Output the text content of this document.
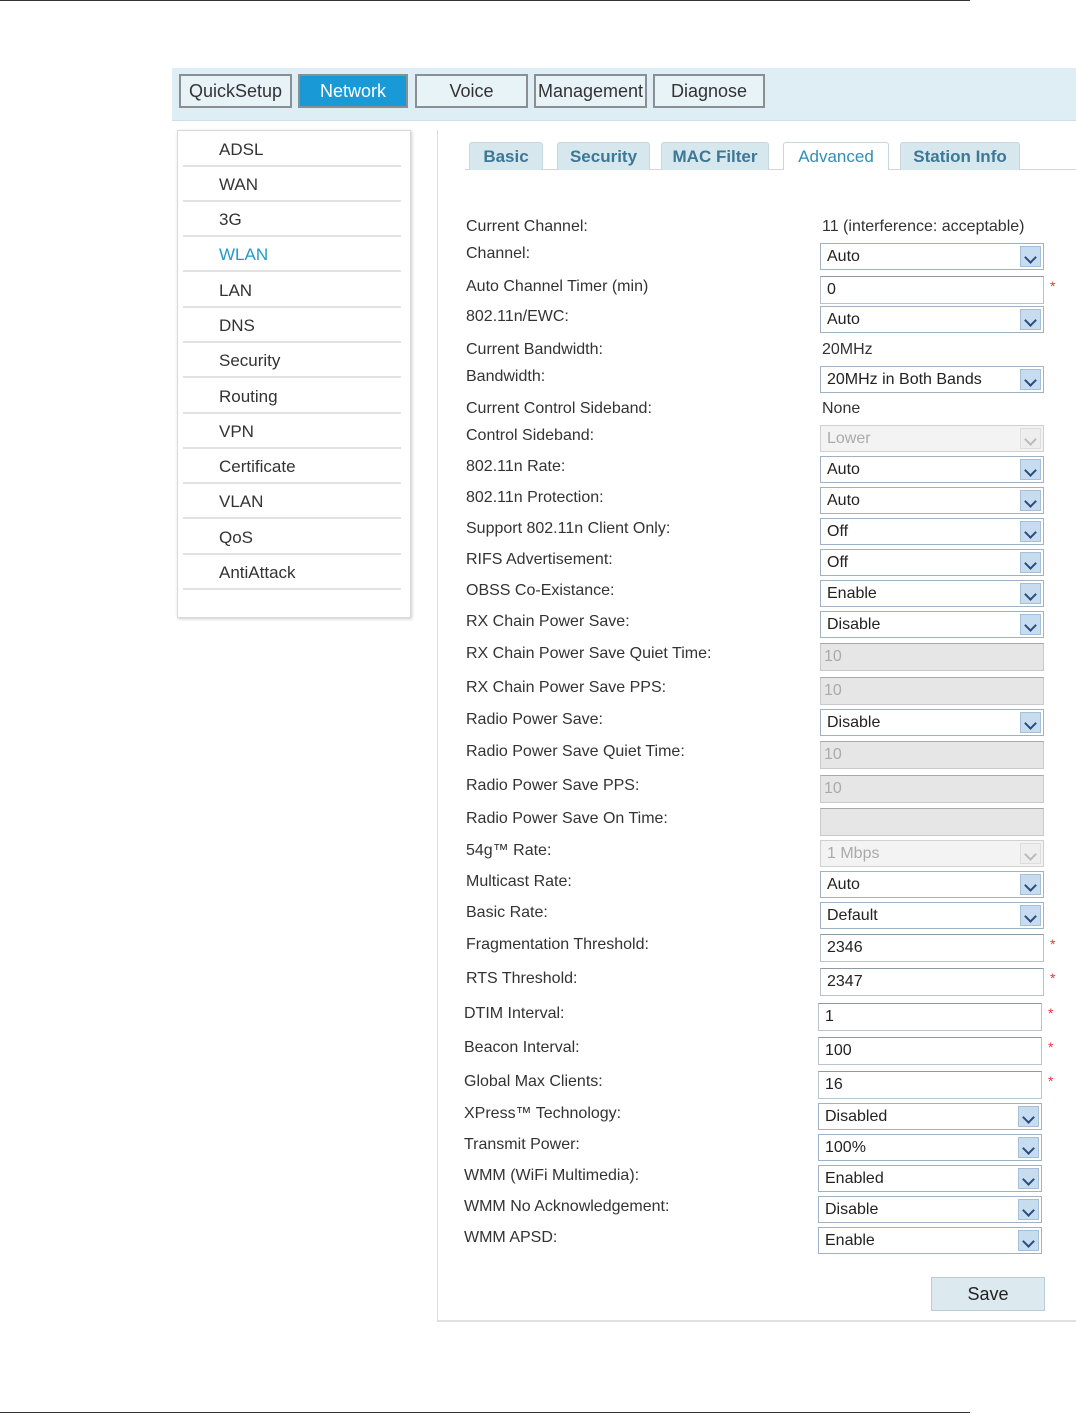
QuickSetup	Network	Voice	Management	Diagnose
ADSL
WAN
3G
WLAN
LAN
DNS
Security
Routing
VPN
Certificate
VLAN
QoS
AntiAttack
Basic	Security	MAC Filter	Advanced	Station Info
Current Channel:	11 (interference: acceptable)
Channel:	Auto
Auto Channel Timer (min)	0	*
802.11n/EWC:	Auto
Current Bandwidth:	20MHz
Bandwidth:	20MHz in Both Bands
Current Control Sideband:	None
Control Sideband:	Lower
802.11n Rate:	Auto
802.11n Protection:	Auto
Support 802.11n Client Only:	Off
RIFS Advertisement:	Off
OBSS Co-Existance:	Enable
RX Chain Power Save:	Disable
RX Chain Power Save Quiet Time:	10
RX Chain Power Save PPS:	10
Radio Power Save:	Disable
Radio Power Save Quiet Time:	10
Radio Power Save PPS:	10
Radio Power Save On Time:
54g™ Rate:	1 Mbps
Multicast Rate:	Auto
Basic Rate:	Default
Fragmentation Threshold:	2346	*
RTS Threshold:	2347	*
DTIM Interval:	1	*
Beacon Interval:	100	*
Global Max Clients:	16	*
XPress™ Technology:	Disabled
Transmit Power:	100%
WMM (WiFi Multimedia):	Enabled
WMM No Acknowledgement:	Disable
WMM APSD:	Enable
Save
